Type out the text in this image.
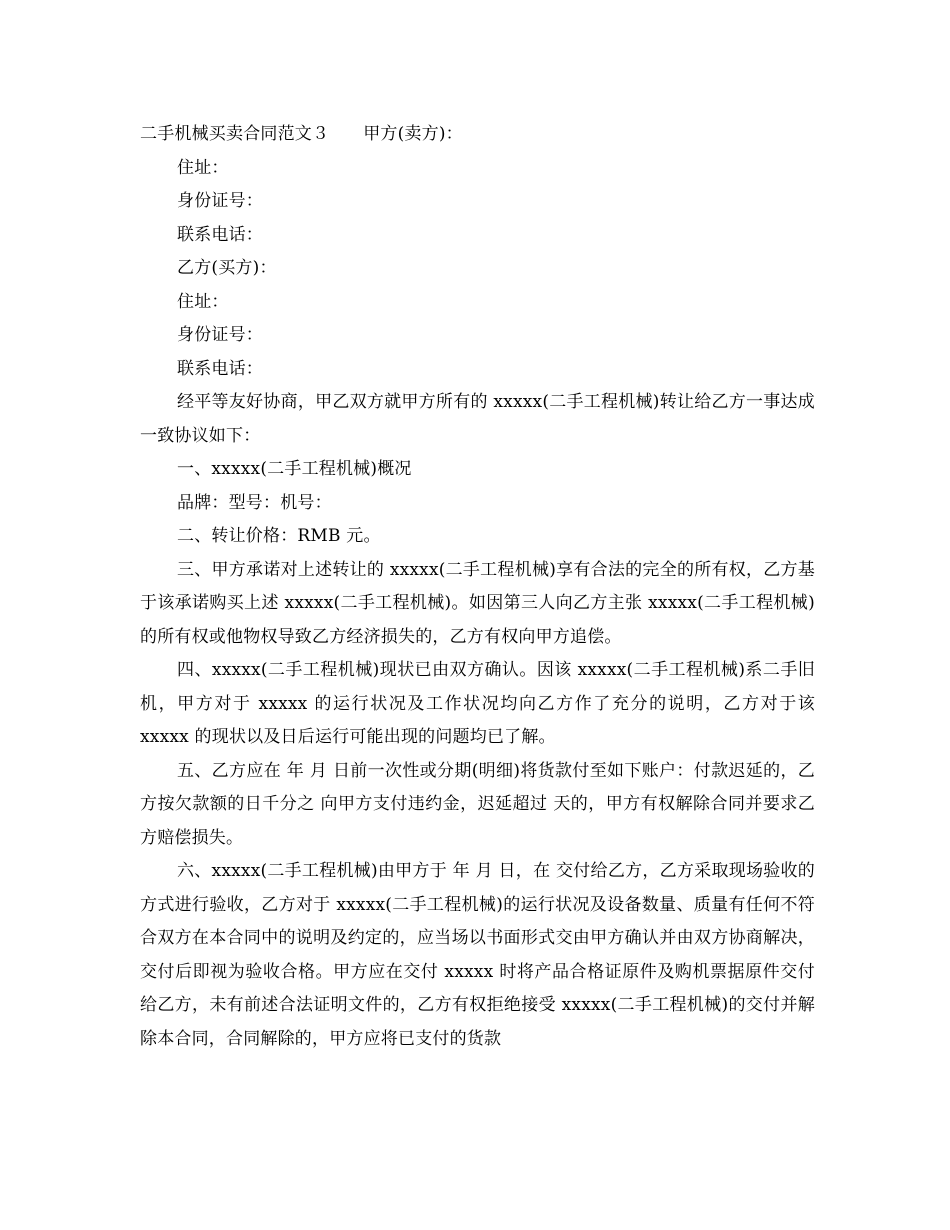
二手机械买卖合同范文３ 甲方(卖方)：
住址：
身份证号：
联系电话：
乙方(买方)：
住址：
身份证号：
联系电话：
经平等友好协商，甲乙双方就甲方所有的 xxxxx(二手工程机械)转让给乙方一事达成一致协议如下：
一、xxxxx(二手工程机械)概况
品牌：型号：机号：
二、转让价格：RMB 元。
三、甲方承诺对上述转让的 xxxxx(二手工程机械)享有合法的完全的所有权，乙方基于该承诺购买上述 xxxxx(二手工程机械)。如因第三人向乙方主张 xxxxx(二手工程机械)的所有权或他物权导致乙方经济损失的，乙方有权向甲方追偿。
四、xxxxx(二手工程机械)现状已由双方确认。因该 xxxxx(二手工程机械)系二手旧机，甲方对于 xxxxx 的运行状况及工作状况均向乙方作了充分的说明，乙方对于该 xxxxx 的现状以及日后运行可能出现的问题均已了解。
五、乙方应在 年 月 日前一次性或分期(明细)将货款付至如下账户：付款迟延的，乙方按欠款额的日千分之 向甲方支付违约金，迟延超过 天的，甲方有权解除合同并要求乙方赔偿损失。
六、xxxxx(二手工程机械)由甲方于 年 月 日，在 交付给乙方，乙方采取现场验收的方式进行验收，乙方对于 xxxxx(二手工程机械)的运行状况及设备数量、质量有任何不符合双方在本合同中的说明及约定的，应当场以书面形式交由甲方确认并由双方协商解决，交付后即视为验收合格。甲方应在交付 xxxxx 时将产品合格证原件及购机票据原件交付给乙方，未有前述合法证明文件的，乙方有权拒绝接受 xxxxx(二手工程机械)的交付并解除本合同，合同解除的，甲方应将已支付的货款
